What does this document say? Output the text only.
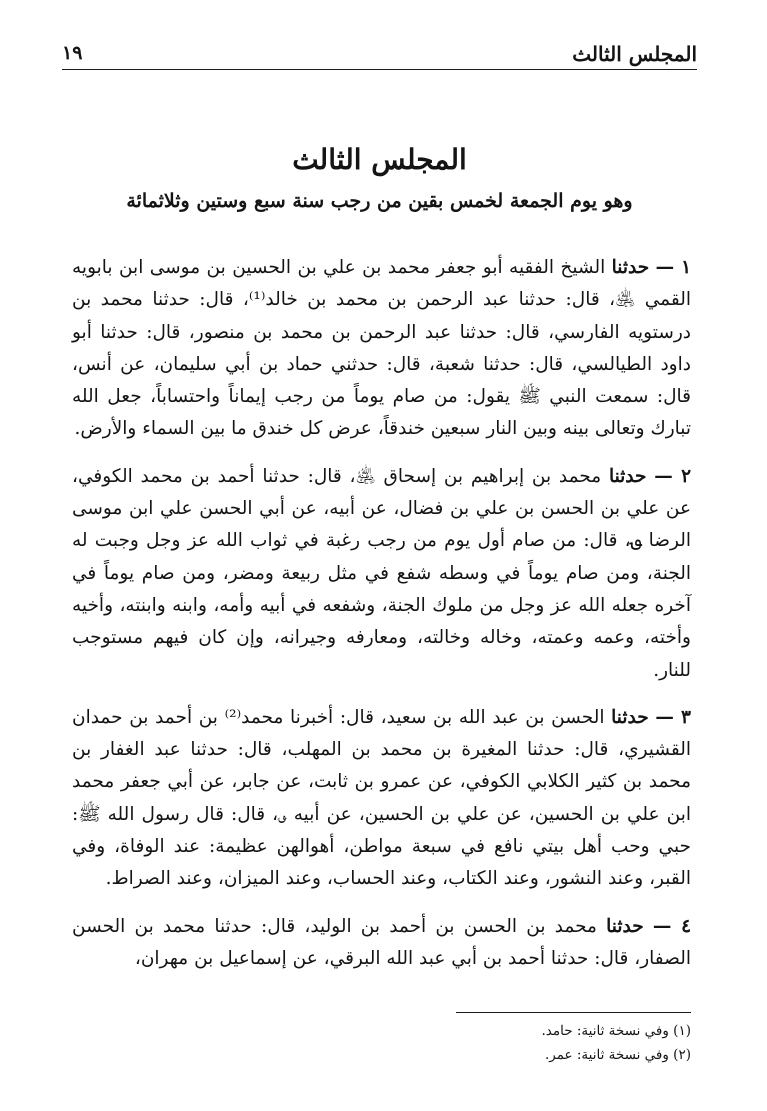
المجلس الثالث
١٩
المجلس الثالث
وهو يوم الجمعة لخمس بقين من رجب سنة سبع وستين وثلاثمائة

١ — حدثنا الشيخ الفقيه أبو جعفر محمد بن علي بن الحسين بن موسى ابن بابويه القمي ﵁، قال: حدثنا عبد الرحمن بن محمد بن خالد⁽¹⁾، قال: حدثنا محمد بن درستويه الفارسي، قال: حدثنا عبد الرحمن بن محمد بن منصور، قال: حدثنا أبو داود الطيالسي، قال: حدثنا شعبة، قال: حدثني حماد بن أبي سليمان، عن أنس، قال: سمعت النبي ﷺ يقول: من صام يوماً من رجب إيماناً واحتساباً، جعل الله تبارك وتعالى بينه وبين النار سبعين خندقاً، عرض كل خندق ما بين السماء والأرض.

٢ — حدثنا محمد بن إبراهيم بن إسحاق ﵁، قال: حدثنا أحمد بن محمد الكوفي، عن علي بن الحسن بن علي بن فضال، عن أبيه، عن أبي الحسن علي ابن موسى الرضا ؈، قال: من صام أول يوم من رجب رغبة في ثواب الله عز وجل وجبت له الجنة، ومن صام يوماً في وسطه شفع في مثل ربيعة ومضر، ومن صام يوماً في آخره جعله الله عز وجل من ملوك الجنة، وشفعه في أبيه وأمه، وابنه وابنته، وأخيه وأخته، وعمه وعمته، وخاله وخالته، ومعارفه وجيرانه، وإن كان فيهم مستوجب للنار.

٣ — حدثنا الحسن بن عبد الله بن سعيد، قال: أخبرنا محمد⁽²⁾ بن أحمد بن حمدان القشيري، قال: حدثنا المغيرة بن محمد بن المهلب، قال: حدثنا عبد الغفار بن محمد بن كثير الكلابي الكوفي، عن عمرو بن ثابت، عن جابر، عن أبي جعفر محمد ابن علي بن الحسين، عن علي بن الحسين، عن أبيه ؈، قال: قال رسول الله ﷺ: حبي وحب أهل بيتي نافع في سبعة مواطن، أهوالهن عظيمة: عند الوفاة، وفي القبر، وعند النشور، وعند الكتاب، وعند الحساب، وعند الميزان، وعند الصراط.

٤ — حدثنا محمد بن الحسن بن أحمد بن الوليد، قال: حدثنا محمد بن الحسن الصفار، قال: حدثنا أحمد بن أبي عبد الله البرقي، عن إسماعيل بن مهران،

(١) وفي نسخة ثانية: حامد.
(٢) وفي نسخة ثانية: عمر.
